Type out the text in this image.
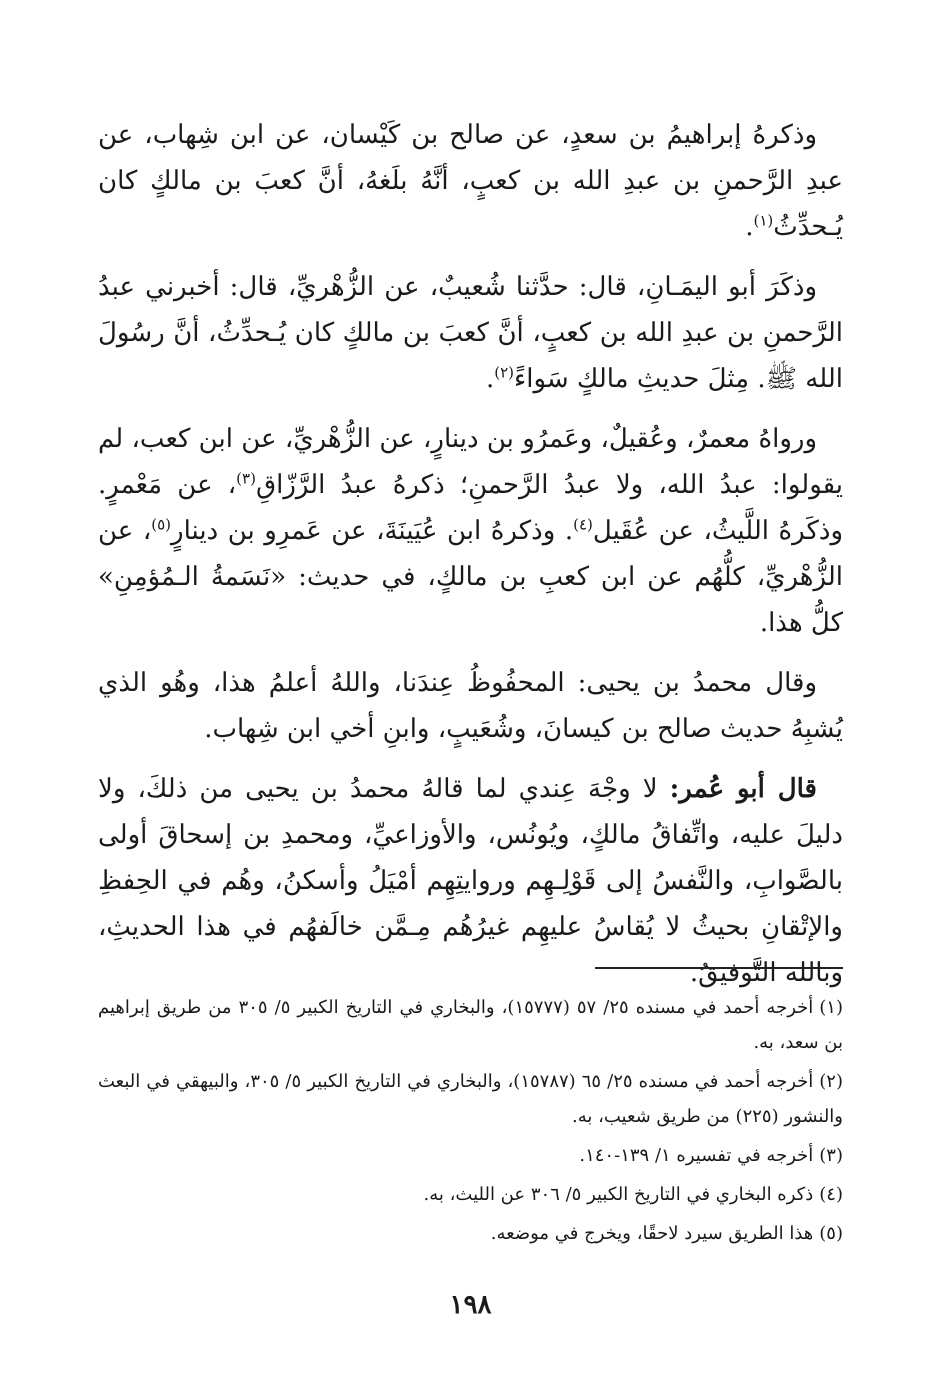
وذكرهُ إبراهيمُ بن سعدٍ، عن صالح بن كَيْسان، عن ابن شِهاب، عن عبدِ الرَّحمنِ بن عبدِ الله بن كعبٍ، أنَّهُ بلَغهُ، أنَّ كعبَ بن مالكٍ كان يُـحدِّثُ$^{(١)}$.

وذكَرَ أبو اليمَـانِ، قال: حدَّثنا شُعيبٌ، عن الزُّهْريِّ، قال: أخبرني عبدُ الرَّحمنِ بن عبدِ الله بن كعبٍ، أنَّ كعبَ بن مالكٍ كان يُـحدِّثُ، أنَّ رسُولَ الله ﷺ. مِثلَ حديثِ مالكٍ سَواءً$^{(٢)}$.

ورواهُ معمرٌ، وعُقيلٌ، وعَمرُو بن دينارٍ، عن الزُّهْريِّ، عن ابن كعب، لم يقولوا: عبدُ الله، ولا عبدُ الرَّحمنِ؛ ذكرهُ عبدُ الرَّزّاقِ$^{(٣)}$، عن مَعْمرٍ. وذكَرهُ اللَّيثُ، عن عُقَيل$^{(٤)}$. وذكرهُ ابن عُيَينَةَ، عن عَمرِو بن دينارٍ$^{(٥)}$، عن الزُّهْريِّ، كلُّهُم عن ابن كعبِ بن مالكٍ، في حديث: «نَسَمةُ الـمُؤمِنِ» كلُّ هذا.

وقال محمدُ بن يحيى: المحفُوظُ عِندَنا، واللهُ أعلمُ هذا، وهُو الذي يُشبِهُ حديث صالح بن كيسانَ، وشُعَيبٍ، وابنِ أخي ابن شِهاب.

قال أبو عُمر: لا وجْهَ عِندي لما قالهُ محمدُ بن يحيى من ذلكَ، ولا دليلَ عليه، واتِّفاقُ مالكٍ، ويُونُس، والأوزاعيِّ، ومحمدِ بن إسحاقَ أولى بالصَّوابِ، والنَّفسُ إلى قَوْلِـهِم وروايتِهِم أمْيَلُ وأسكنُ، وهُم في الحِفظِ والإتْقانِ بحيثُ لا يُقاسُ عليهِم غيرُهُم مِـمَّن خالَفهُم في هذا الحديثِ، وبالله التَّوفيقُ.

(١)أخرجه أحمد في مسنده ٢٥/ ٥٧ (١٥٧٧٧)، والبخاري في التاريخ الكبير ٥/ ٣٠٥ من طريق إبراهيم بن سعد، به.

(٢)أخرجه أحمد في مسنده ٢٥/ ٦٥ (١٥٧٨٧)، والبخاري في التاريخ الكبير ٥/ ٣٠٥، والبيهقي في البعث والنشور (٢٢٥) من طريق شعيب، به.

(٣)أخرجه في تفسيره ١/ ١٣٩-١٤٠.

(٤)ذكره البخاري في التاريخ الكبير ٥/ ٣٠٦ عن الليث، به.

(٥)هذا الطريق سيرد لاحقًا، ويخرج في موضعه.

١٩٨
